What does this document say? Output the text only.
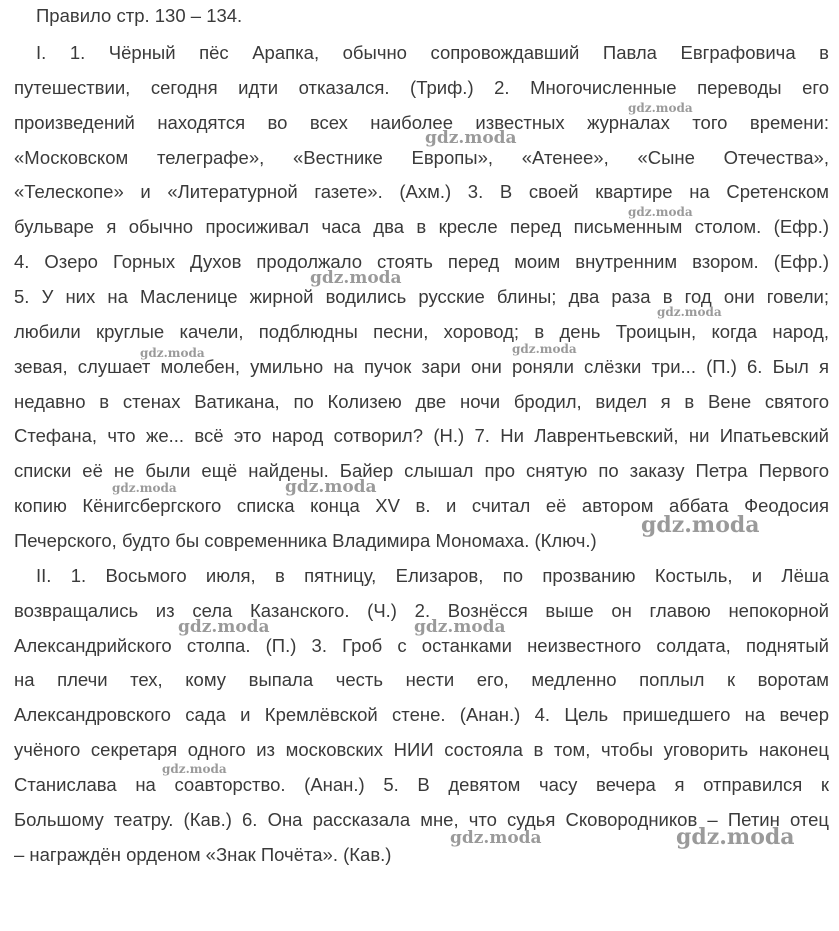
Правило стр. 130 – 134.

I. 1. Чёрный пёс Арапка, обычно сопровождавший Павла Евграфовича в

путешествии, сегодня идти отказался. (Триф.) 2. Многочисленные переводы его

произведений находятся во всех наиболее известных журналах того времени:

«Московском телеграфе», «Вестнике Европы», «Атенее», «Сыне Отечества»,

«Телескопе» и «Литературной газете». (Ахм.) 3. В своей квартире на Сретенском

бульваре я обычно просиживал часа два в кресле перед письменным столом. (Ефр.)

4. Озеро Горных Духов продолжало стоять перед моим внутренним взором. (Ефр.)

5. У них на Масленице жирной водились русские блины; два раза в год они говели;

любили круглые качели, подблюдны песни, хоровод; в день Троицын, когда народ,

зевая, слушает молебен, умильно на пучок зари они роняли слёзки три... (П.) 6. Был я

недавно в стенах Ватикана, по Колизею две ночи бродил, видел я в Вене святого

Стефана, что же... всё это народ сотворил? (Н.) 7. Ни Лаврентьевский, ни Ипатьевский

списки её не были ещё найдены. Байер слышал про снятую по заказу Петра Первого

копию Кёнигсбергского списка конца XV в. и считал её автором аббата Феодосия

Печерского, будто бы современника Владимира Мономаха. (Ключ.)

II. 1. Восьмого июля, в пятницу, Елизаров, по прозванию Костыль, и Лёша

возвращались из села Казанского. (Ч.) 2. Вознёсся выше он главою непокорной

Александрийского столпа. (П.) 3. Гроб с останками неизвестного солдата, поднятый

на плечи тех, кому выпала честь нести его, медленно поплыл к воротам

Александровского сада и Кремлёвской стене. (Анан.) 4. Цель пришедшего на вечер

учёного секретаря одного из московских НИИ состояла в том, чтобы уговорить наконец

Станислава на соавторство. (Анан.) 5. В девятом часу вечера я отправился к

Большому театру. (Кав.) 6. Она рассказала мне, что судья Сковородников – Петин отец

– награждён орденом «Знак Почёта». (Кав.)

gdz.moda
gdz.moda
gdz.moda
gdz.moda
gdz.moda
gdz.moda
gdz.moda
gdz.moda	gdz.moda
gdz.moda
gdz.moda	gdz.moda
gdz.moda
gdz.moda	gdz.moda
